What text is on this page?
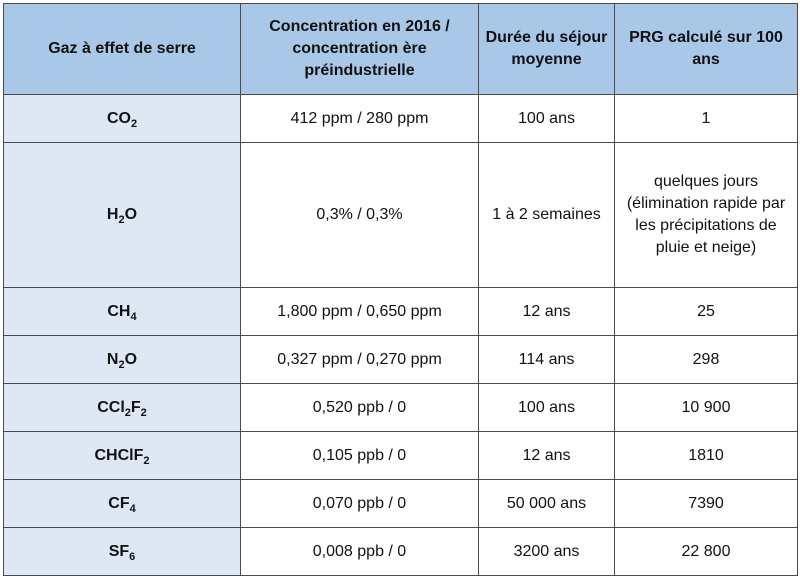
Gaz à effet de serre	Concentration en 2016 / concentration ère préindustrielle	Durée du séjour moyenne	PRG calculé sur 100 ans
$CO_2$	412 ppm / 280 ppm	100 ans	1
$H_2O$	0,3% / 0,3%	1 à 2 semaines	quelques jours (élimination rapide par les précipitations de pluie et neige)
$CH_4$	1,800 ppm / 0,650 ppm	12 ans	25
$N_2O$	0,327 ppm / 0,270 ppm	114 ans	298
$CCl_2F_2$	0,520 ppb / 0	100 ans	10 900
CHClF$_2$	0,105 ppb / 0	12 ans	1810
$CF_4$	0,070 ppb / 0	50 000 ans	7390
$SF_6$	0,008 ppb / 0	3200 ans	22 800
